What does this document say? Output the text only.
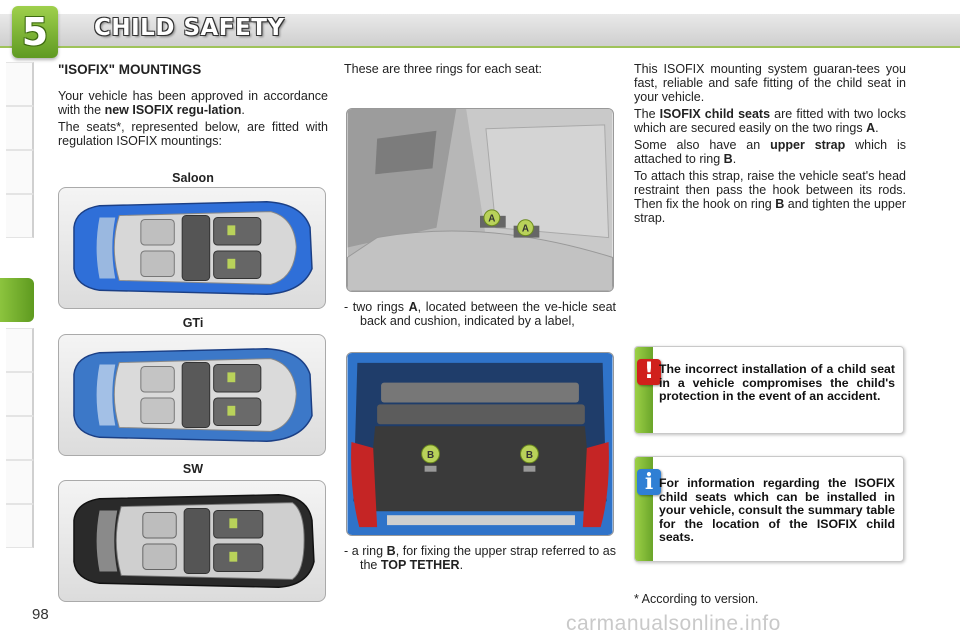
5	CHILD SAFETY
"ISOFIX" MOUNTINGS

Your vehicle has been approved in accordance with the new ISOFIX regu-lation.

The seats*, represented below, are fitted with regulation ISOFIX mountings:

Saloon
GTi
SW

These are three rings for each seat:

A
A
- two rings A, located between the ve-hicle seat back and cushion, indicated by a label,
B	B
- a ring B, for fixing the upper strap referred to as the TOP TETHER.

This ISOFIX mounting system guaran-tees you fast, reliable and safe fitting of the child seat in your vehicle.

The ISOFIX child seats are fitted with two locks which are secured easily on the two rings A.

Some also have an upper strap which is attached to ring B.

To attach this strap, raise the vehicle seat's head restraint then pass the hook between its rods. Then fix the hook on ring B and tighten the upper strap.

! The incorrect installation of a child seat in a vehicle compromises the child's protection in the event of an accident.
i For information regarding the ISOFIX child seats which can be installed in your vehicle, consult the summary table for the location of the ISOFIX child seats.
* According to version.
98	carmanualsonline.info
